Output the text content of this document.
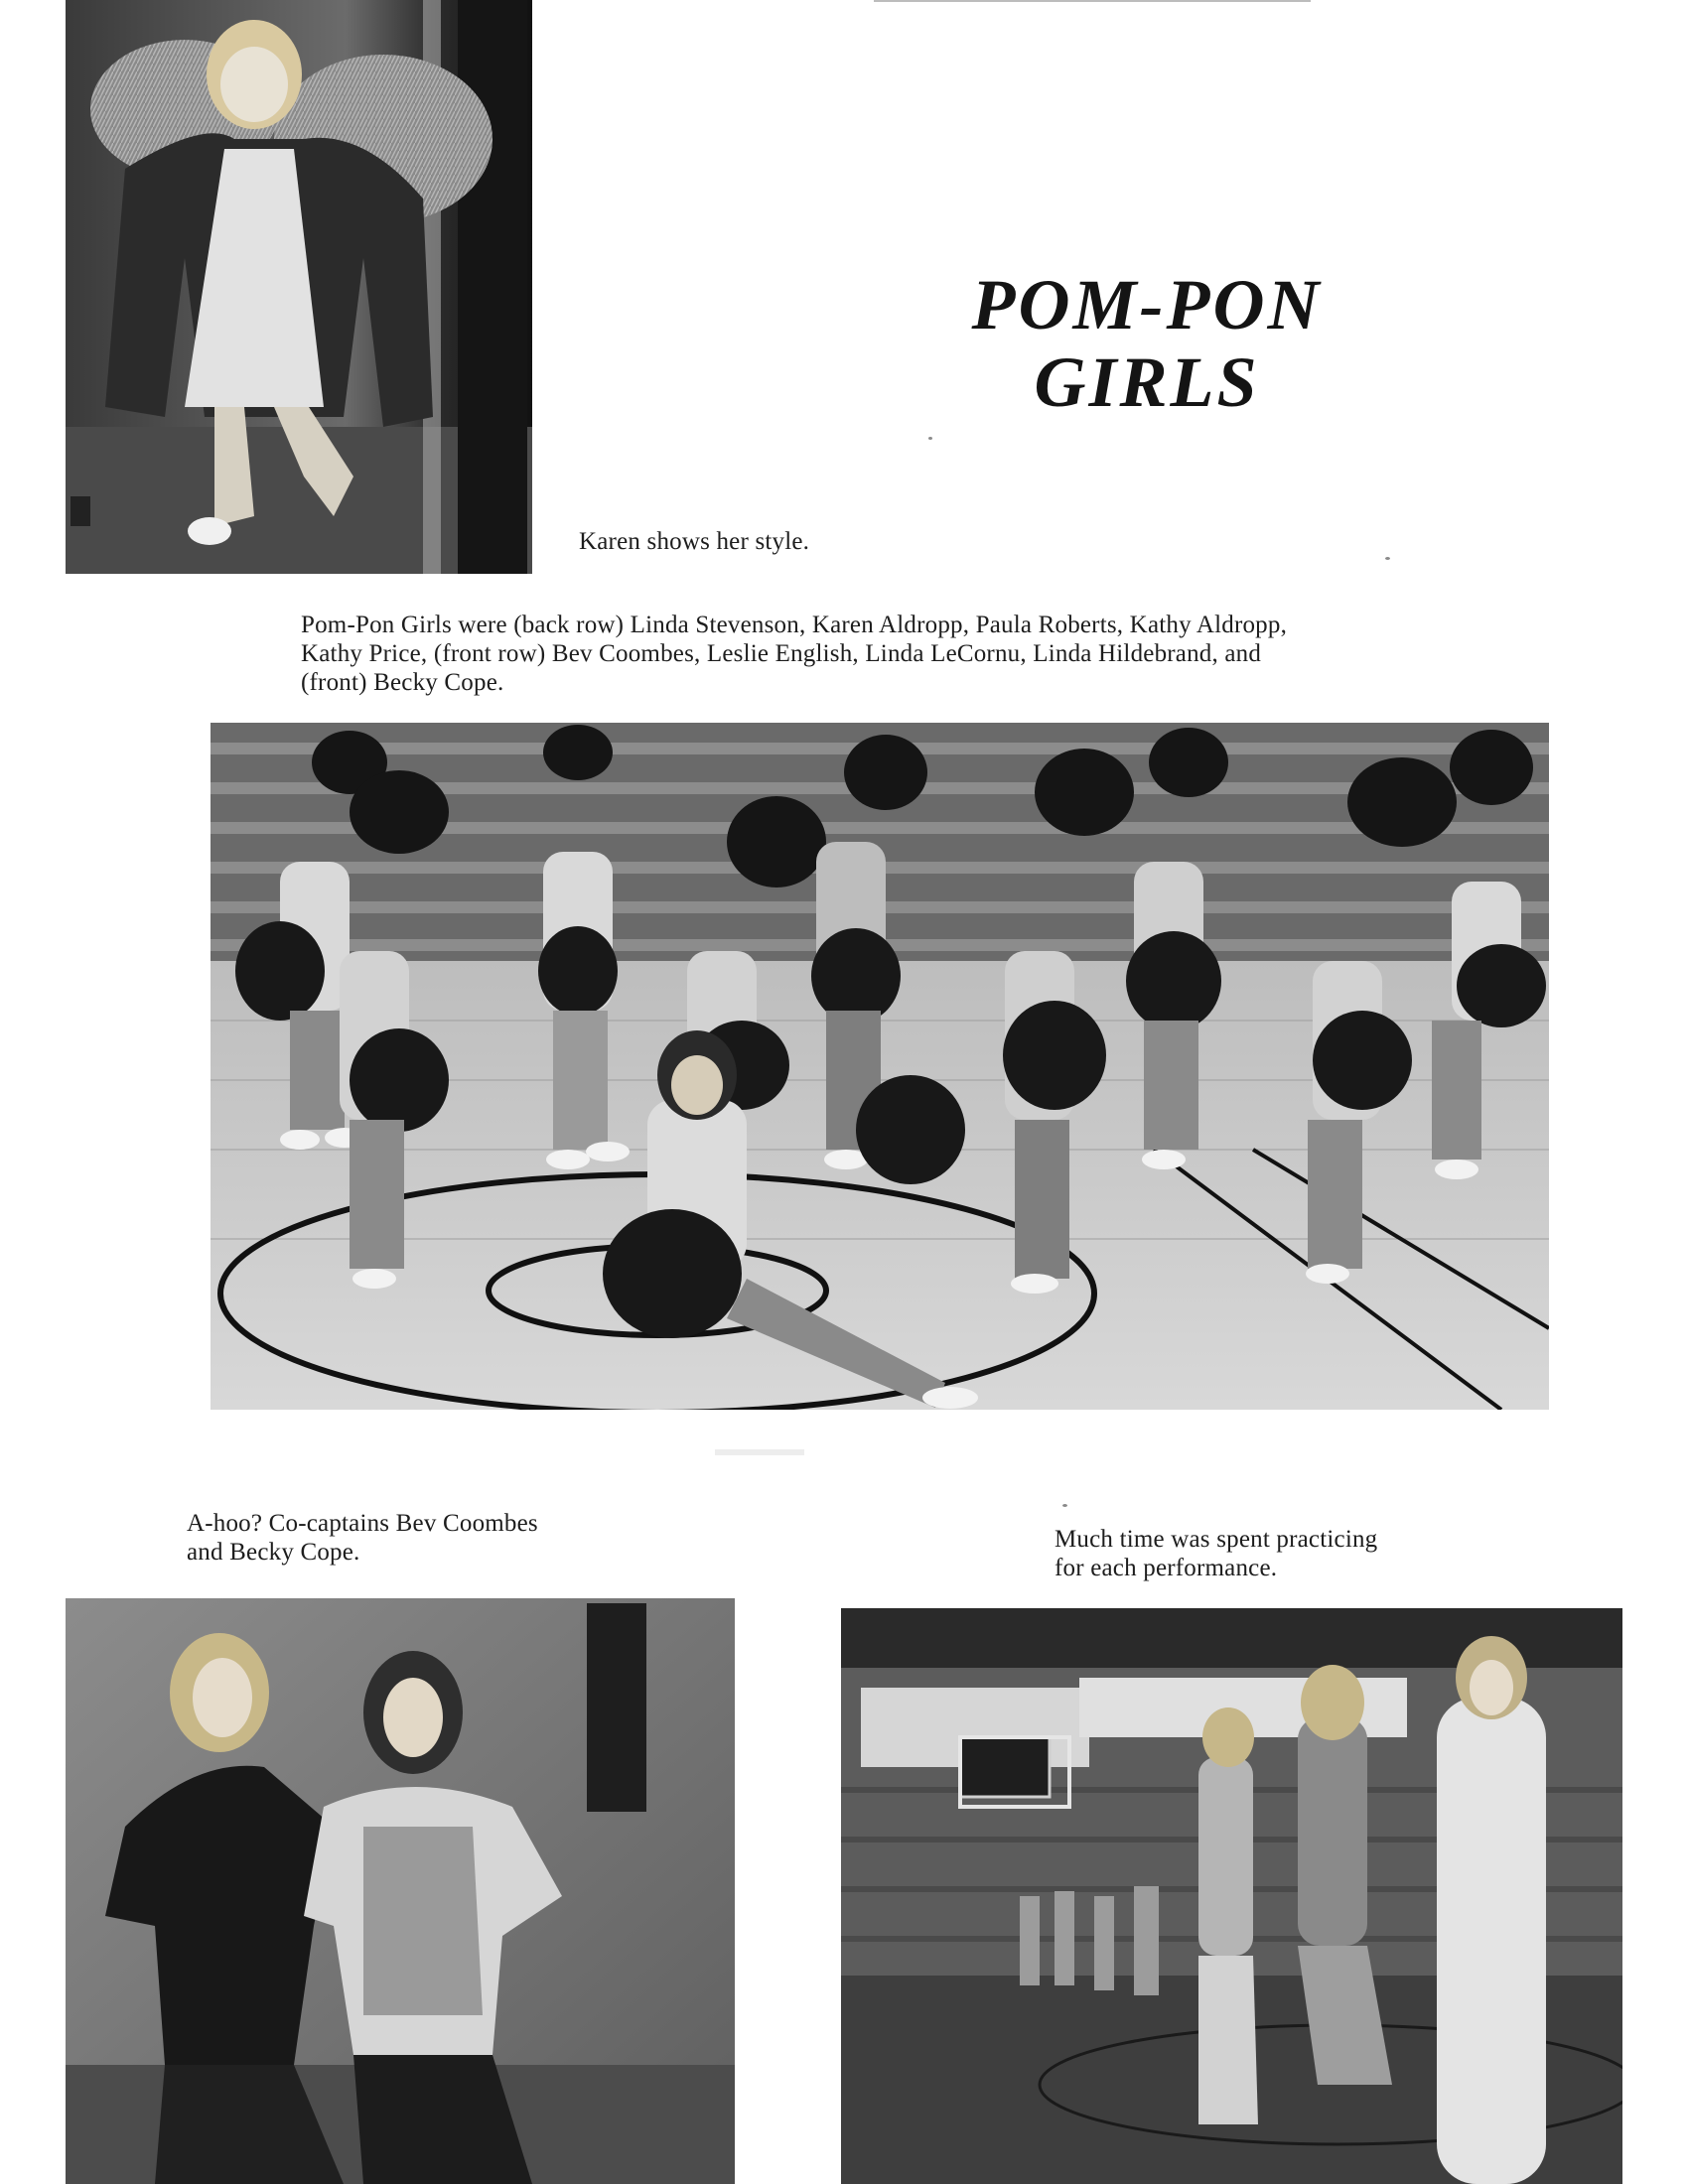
POM-PON
GIRLS
Karen shows her style.
Pom-Pon Girls were (back row) Linda Stevenson, Karen Aldropp, Paula Roberts, Kathy Aldropp,
Kathy Price, (front row) Bev Coombes, Leslie English, Linda LeCornu, Linda Hildebrand, and
(front) Becky Cope.
A-hoo? Co-captains Bev Coombes
and Becky Cope.	Much time was spent practicing
for each performance.
